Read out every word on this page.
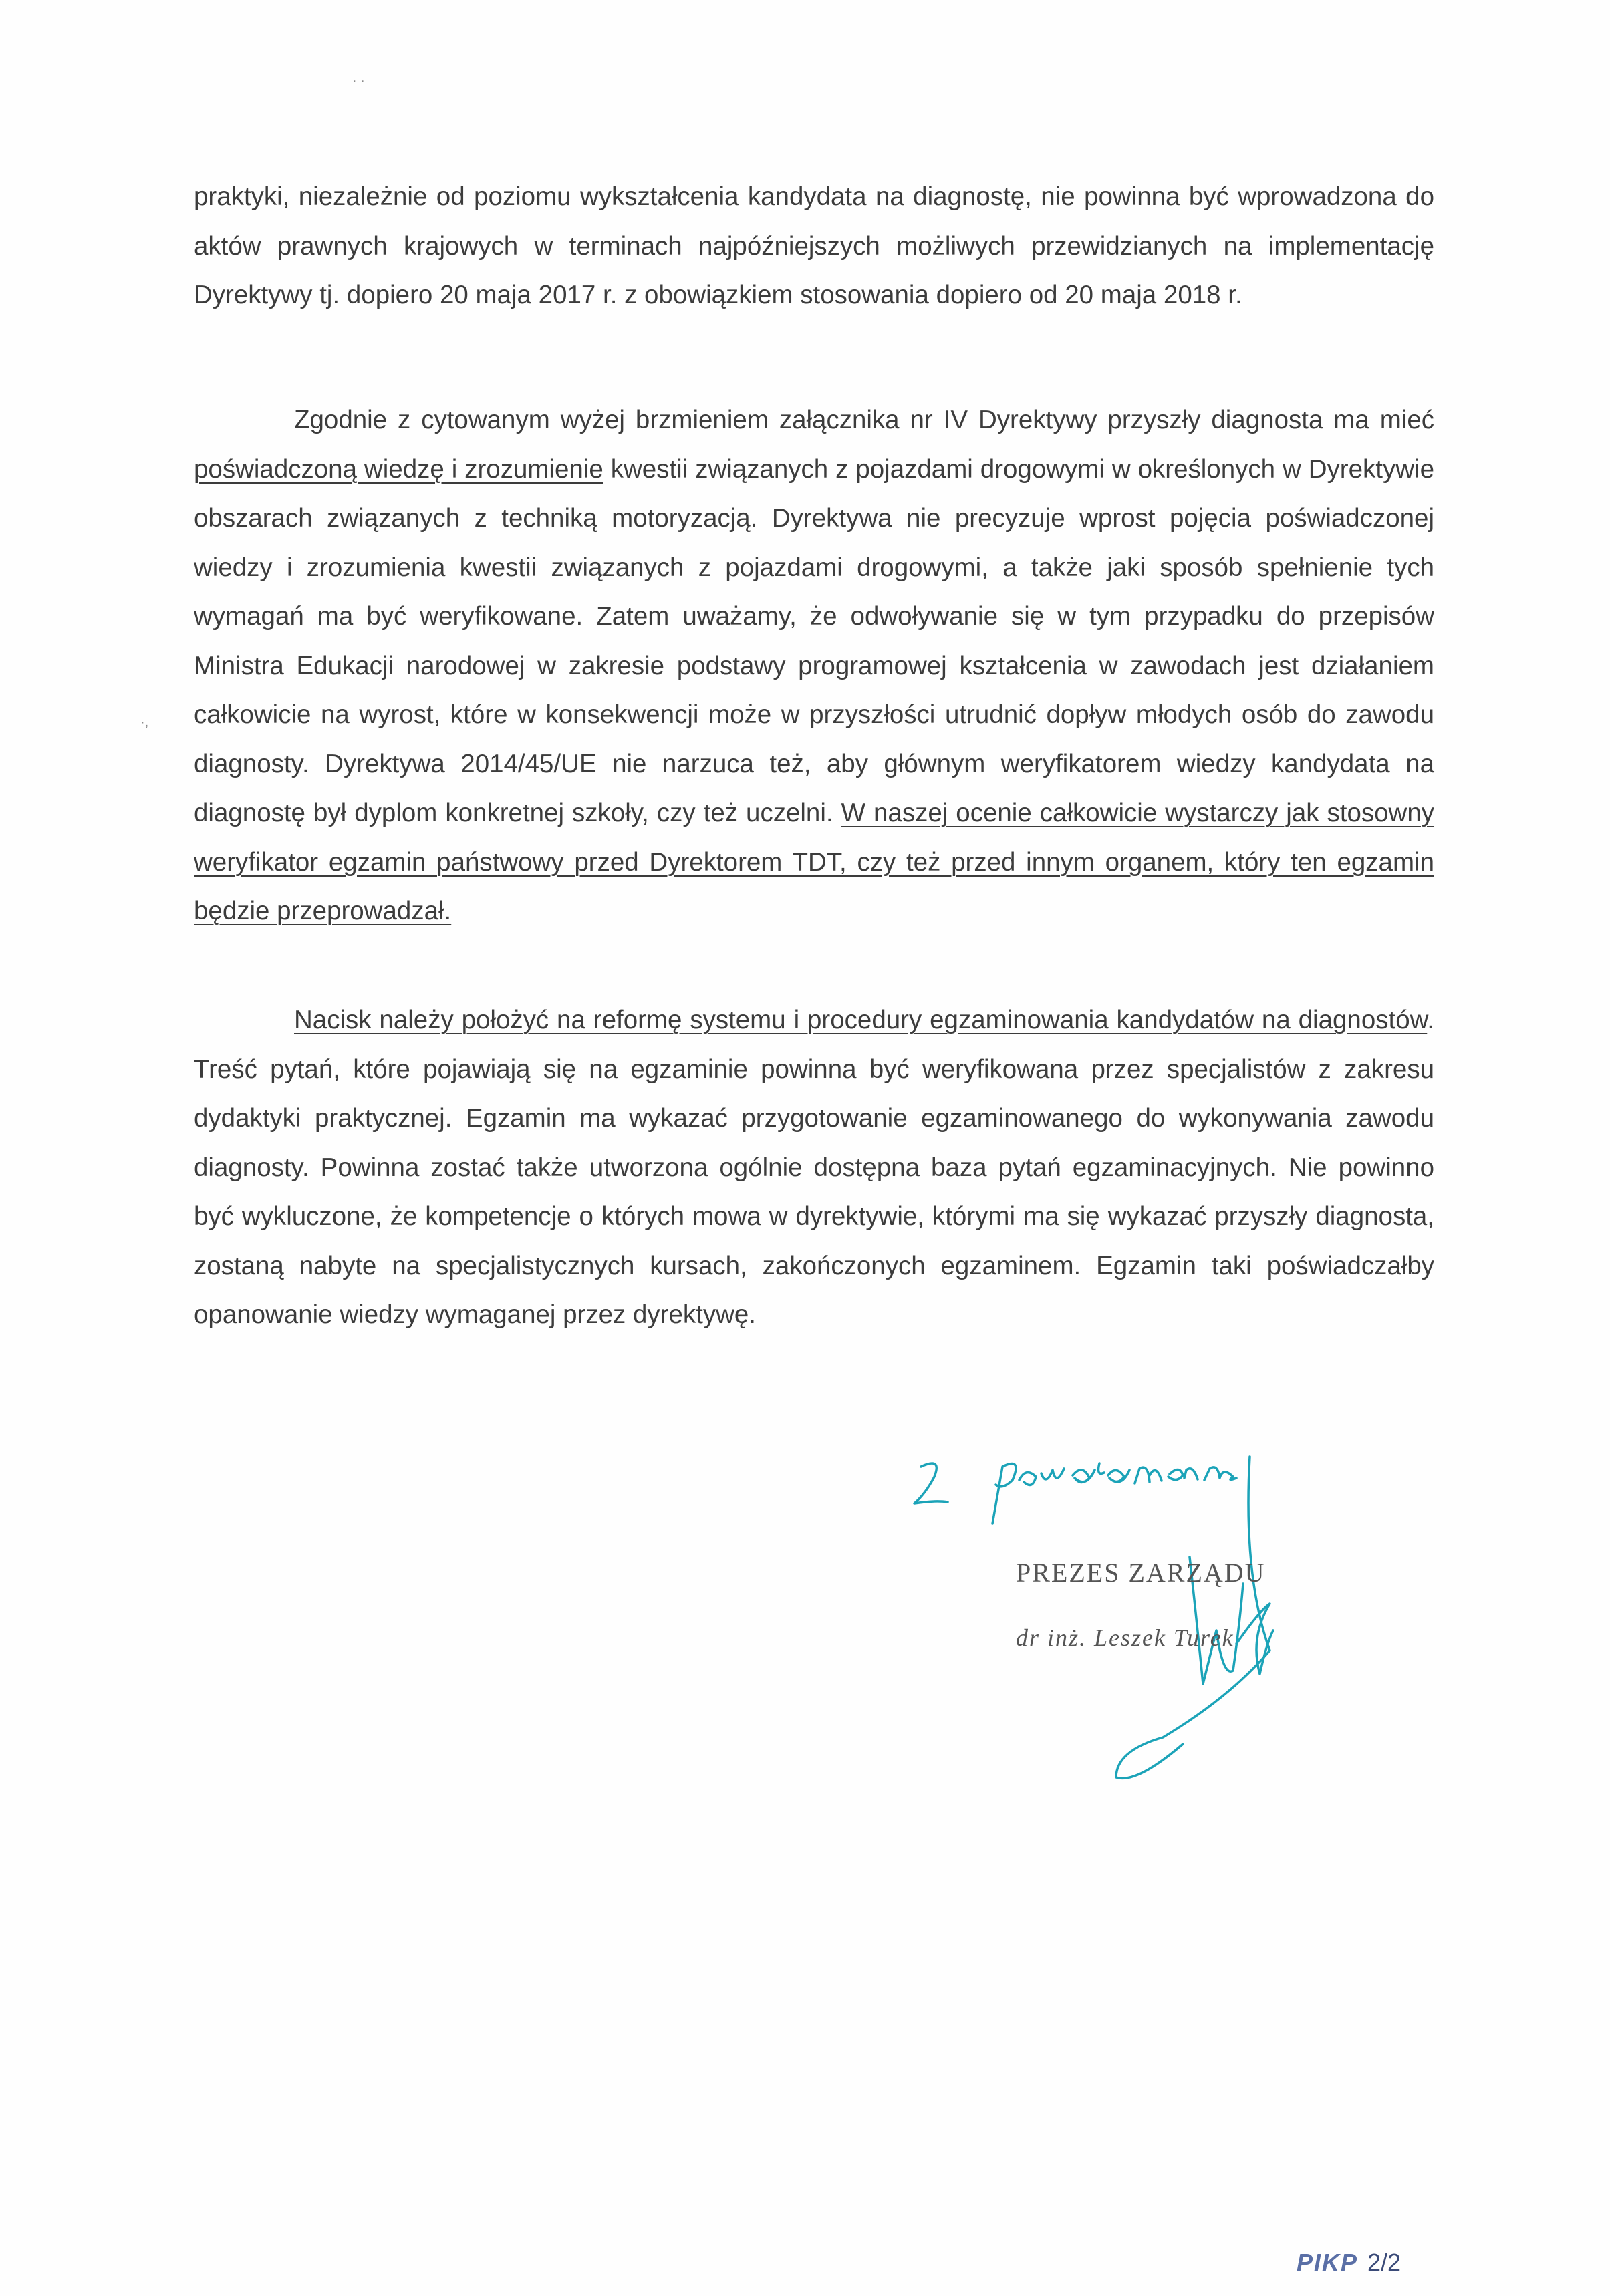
˙ ˙
·,

praktyki, niezależnie od poziomu wykształcenia kandydata na diagnostę, nie powinna być wprowadzona do aktów prawnych krajowych w terminach najpóźniejszych możliwych przewidzianych na implementację Dyrektywy tj. dopiero 20 maja 2017 r. z obowiązkiem stosowania dopiero od 20 maja 2018 r.

Zgodnie z cytowanym wyżej brzmieniem załącznika nr IV Dyrektywy przyszły diagnosta ma mieć poświadczoną wiedzę i zrozumienie kwestii związanych z pojazdami drogowymi w określonych w Dyrektywie obszarach związanych z techniką motoryzacją. Dyrektywa nie precyzuje wprost pojęcia poświadczonej wiedzy i zrozumienia kwestii związanych z pojazdami drogowymi, a także jaki sposób spełnienie tych wymagań ma być weryfikowane. Zatem uważamy, że odwoływanie się w tym przypadku do przepisów Ministra Edukacji narodowej w zakresie podstawy programowej kształcenia w zawodach jest działaniem całkowicie na wyrost, które w konsekwencji może w przyszłości utrudnić dopływ młodych osób do zawodu diagnosty. Dyrektywa 2014/45/UE nie narzuca też, aby głównym weryfikatorem wiedzy kandydata na diagnostę był dyplom konkretnej szkoły, czy też uczelni. W naszej ocenie całkowicie wystarczy jak stosowny weryfikator egzamin państwowy przed Dyrektorem TDT, czy też przed innym organem, który ten egzamin będzie przeprowadzał.

Nacisk należy położyć na reformę systemu i procedury egzaminowania kandydatów na diagnostów. Treść pytań, które pojawiają się na egzaminie powinna być weryfikowana przez specjalistów z zakresu dydaktyki praktycznej. Egzamin ma wykazać przygotowanie egzaminowanego do wykonywania zawodu diagnosty. Powinna zostać także utworzona ogólnie dostępna baza pytań egzaminacyjnych. Nie powinno być wykluczone, że kompetencje o których mowa w dyrektywie, którymi ma się wykazać przyszły diagnosta, zostaną nabyte na specjalistycznych kursach, zakończonych egzaminem. Egzamin taki poświadczałby opanowanie wiedzy wymaganej przez dyrektywę.

PREZES ZARZĄDU
dr inż. Leszek Turek
PIKP 2/2
